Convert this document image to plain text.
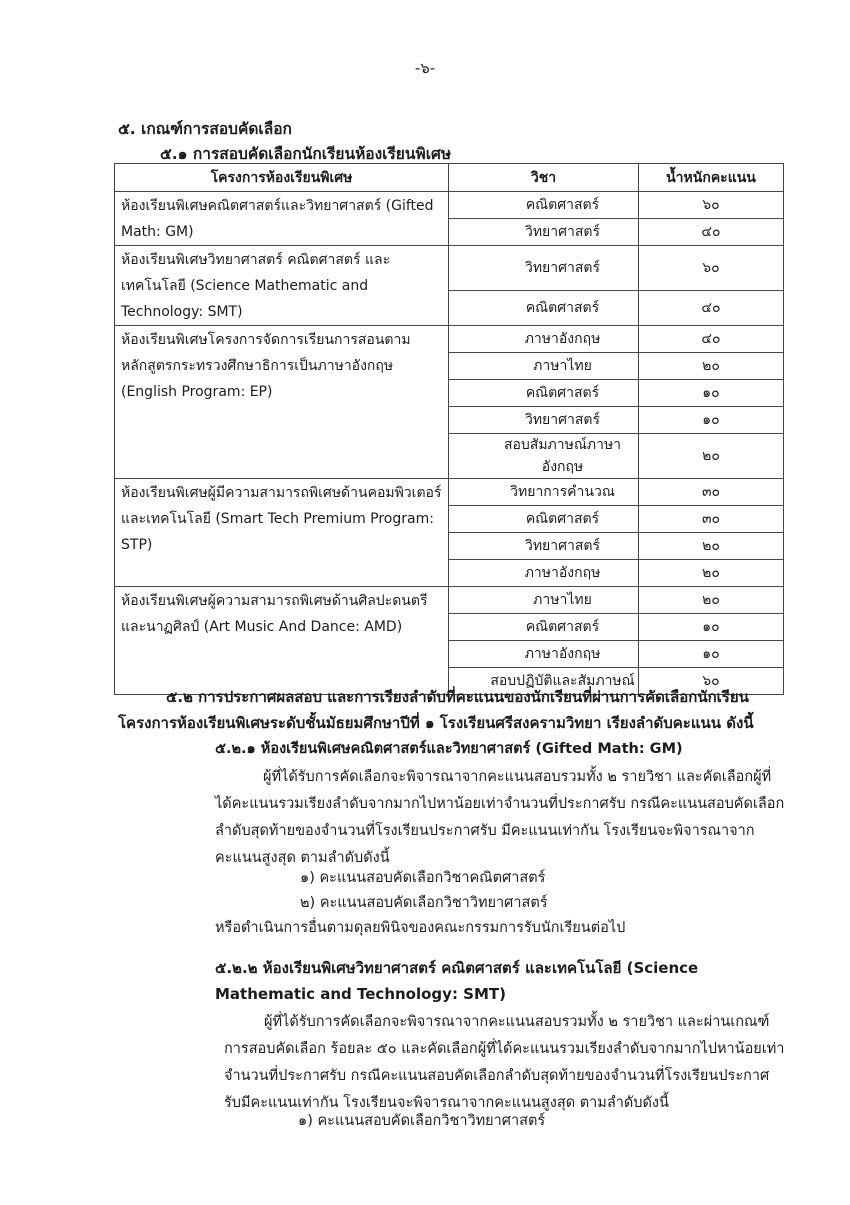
-๖-
๕. เกณฑ์การสอบคัดเลือก
๕.๑ การสอบคัดเลือกนักเรียนห้องเรียนพิเศษ
โครงการห้องเรียนพิเศษ	วิชา	น้ำหนักคะแนน
ห้องเรียนพิเศษคณิตศาสตร์และวิทยาศาสตร์ (Gifted Math: GM)	คณิตศาสตร์	๖๐
	วิทยาศาสตร์	๔๐
ห้องเรียนพิเศษวิทยาศาสตร์ คณิตศาสตร์ และเทคโนโลยี (Science Mathematic and Technology: SMT)	วิทยาศาสตร์	๖๐
	คณิตศาสตร์	๔๐
ห้องเรียนพิเศษโครงการจัดการเรียนการสอนตามหลักสูตรกระทรวงศึกษาธิการเป็นภาษาอังกฤษ (English Program: EP)	ภาษาอังกฤษ	๔๐
	ภาษาไทย	๒๐
	คณิตศาสตร์	๑๐
	วิทยาศาสตร์	๑๐
	สอบสัมภาษณ์ภาษาอังกฤษ	๒๐
ห้องเรียนพิเศษผู้มีความสามารถพิเศษด้านคอมพิวเตอร์และเทคโนโลยี (Smart Tech Premium Program: STP)	วิทยาการคำนวณ	๓๐
	คณิตศาสตร์	๓๐
	วิทยาศาสตร์	๒๐
	ภาษาอังกฤษ	๒๐
ห้องเรียนพิเศษผู้ความสามารถพิเศษด้านศิลปะดนตรีและนาฏศิลป์ (Art Music And Dance: AMD)	ภาษาไทย	๒๐
	คณิตศาสตร์	๑๐
	ภาษาอังกฤษ	๑๐
	สอบปฏิบัติและสัมภาษณ์	๖๐
๕.๒ การประกาศผลสอบ และการเรียงลำดับที่คะแนนของนักเรียนที่ผ่านการคัดเลือกนักเรียนโครงการห้องเรียนพิเศษระดับชั้นมัธยมศึกษาปีที่ ๑ โรงเรียนศรีสงครามวิทยา เรียงลำดับคะแนน ดังนี้
๕.๒.๑ ห้องเรียนพิเศษคณิตศาสตร์และวิทยาศาสตร์ (Gifted Math: GM)
ผู้ที่ได้รับการคัดเลือกจะพิจารณาจากคะแนนสอบรวมทั้ง ๒ รายวิชา และคัดเลือกผู้ที่ได้คะแนนรวมเรียงลำดับจากมากไปหาน้อยเท่าจำนวนที่ประกาศรับ กรณีคะแนนสอบคัดเลือกลำดับสุดท้ายของจำนวนที่โรงเรียนประกาศรับ มีคะแนนเท่ากัน โรงเรียนจะพิจารณาจากคะแนนสูงสุด ตามลำดับดังนี้
๑) คะแนนสอบคัดเลือกวิชาคณิตศาสตร์
๒) คะแนนสอบคัดเลือกวิชาวิทยาศาสตร์
หรือดำเนินการอื่นตามดุลยพินิจของคณะกรรมการรับนักเรียนต่อไป
๕.๒.๒ ห้องเรียนพิเศษวิทยาศาสตร์ คณิตศาสตร์ และเทคโนโลยี (Science Mathematic and Technology: SMT)
ผู้ที่ได้รับการคัดเลือกจะพิจารณาจากคะแนนสอบรวมทั้ง ๒ รายวิชา และผ่านเกณฑ์การสอบคัดเลือก ร้อยละ ๕๐ และคัดเลือกผู้ที่ได้คะแนนรวมเรียงลำดับจากมากไปหาน้อยเท่าจำนวนที่ประกาศรับ กรณีคะแนนสอบคัดเลือกลำดับสุดท้ายของจำนวนที่โรงเรียนประกาศรับมีคะแนนเท่ากัน โรงเรียนจะพิจารณาจากคะแนนสูงสุด ตามลำดับดังนี้
๑) คะแนนสอบคัดเลือกวิชาวิทยาศาสตร์
